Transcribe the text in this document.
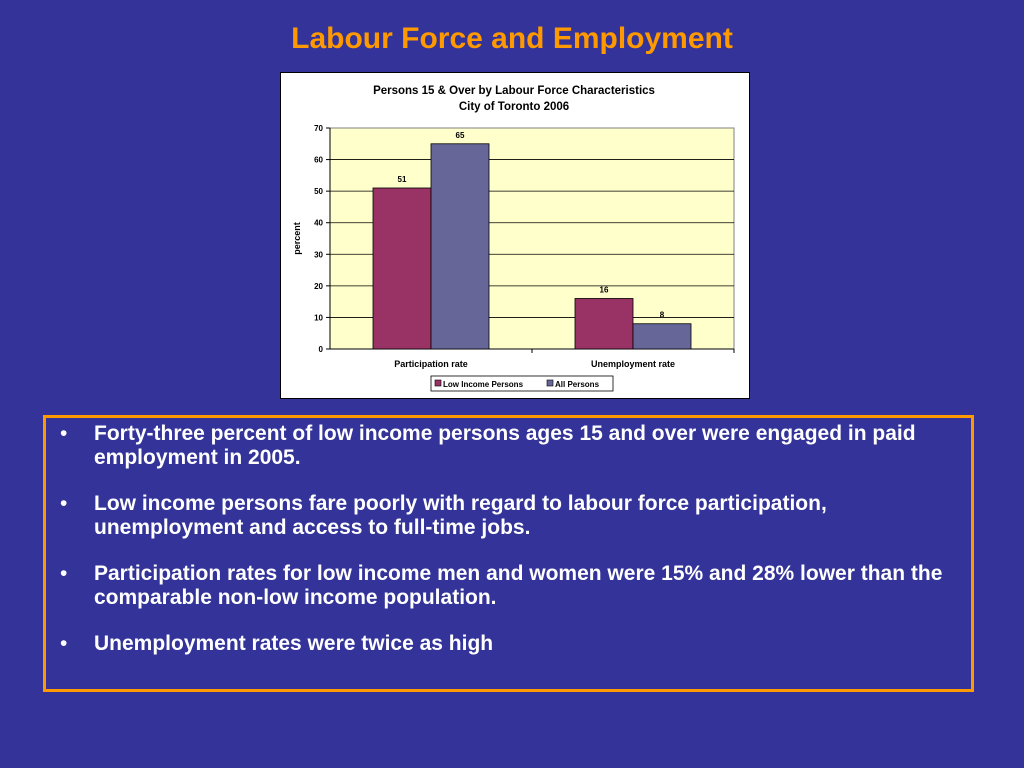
Labour Force and Employment
Persons 15 & Over by Labour Force Characteristics
City of Toronto 2006
0
10
20
30
40
50
60
70
percent
Participation rate
51
65
Unemployment rate
16
8
Low Income Persons	All Persons
• Forty-three percent of low income persons ages 15 and over were engaged in paid employment in 2005.
• Low income persons fare poorly with regard to labour force participation, unemployment and access to full-time jobs.
• Participation rates for low income men and women were 15% and 28% lower than the comparable non-low income population.
• Unemployment rates were twice as high
